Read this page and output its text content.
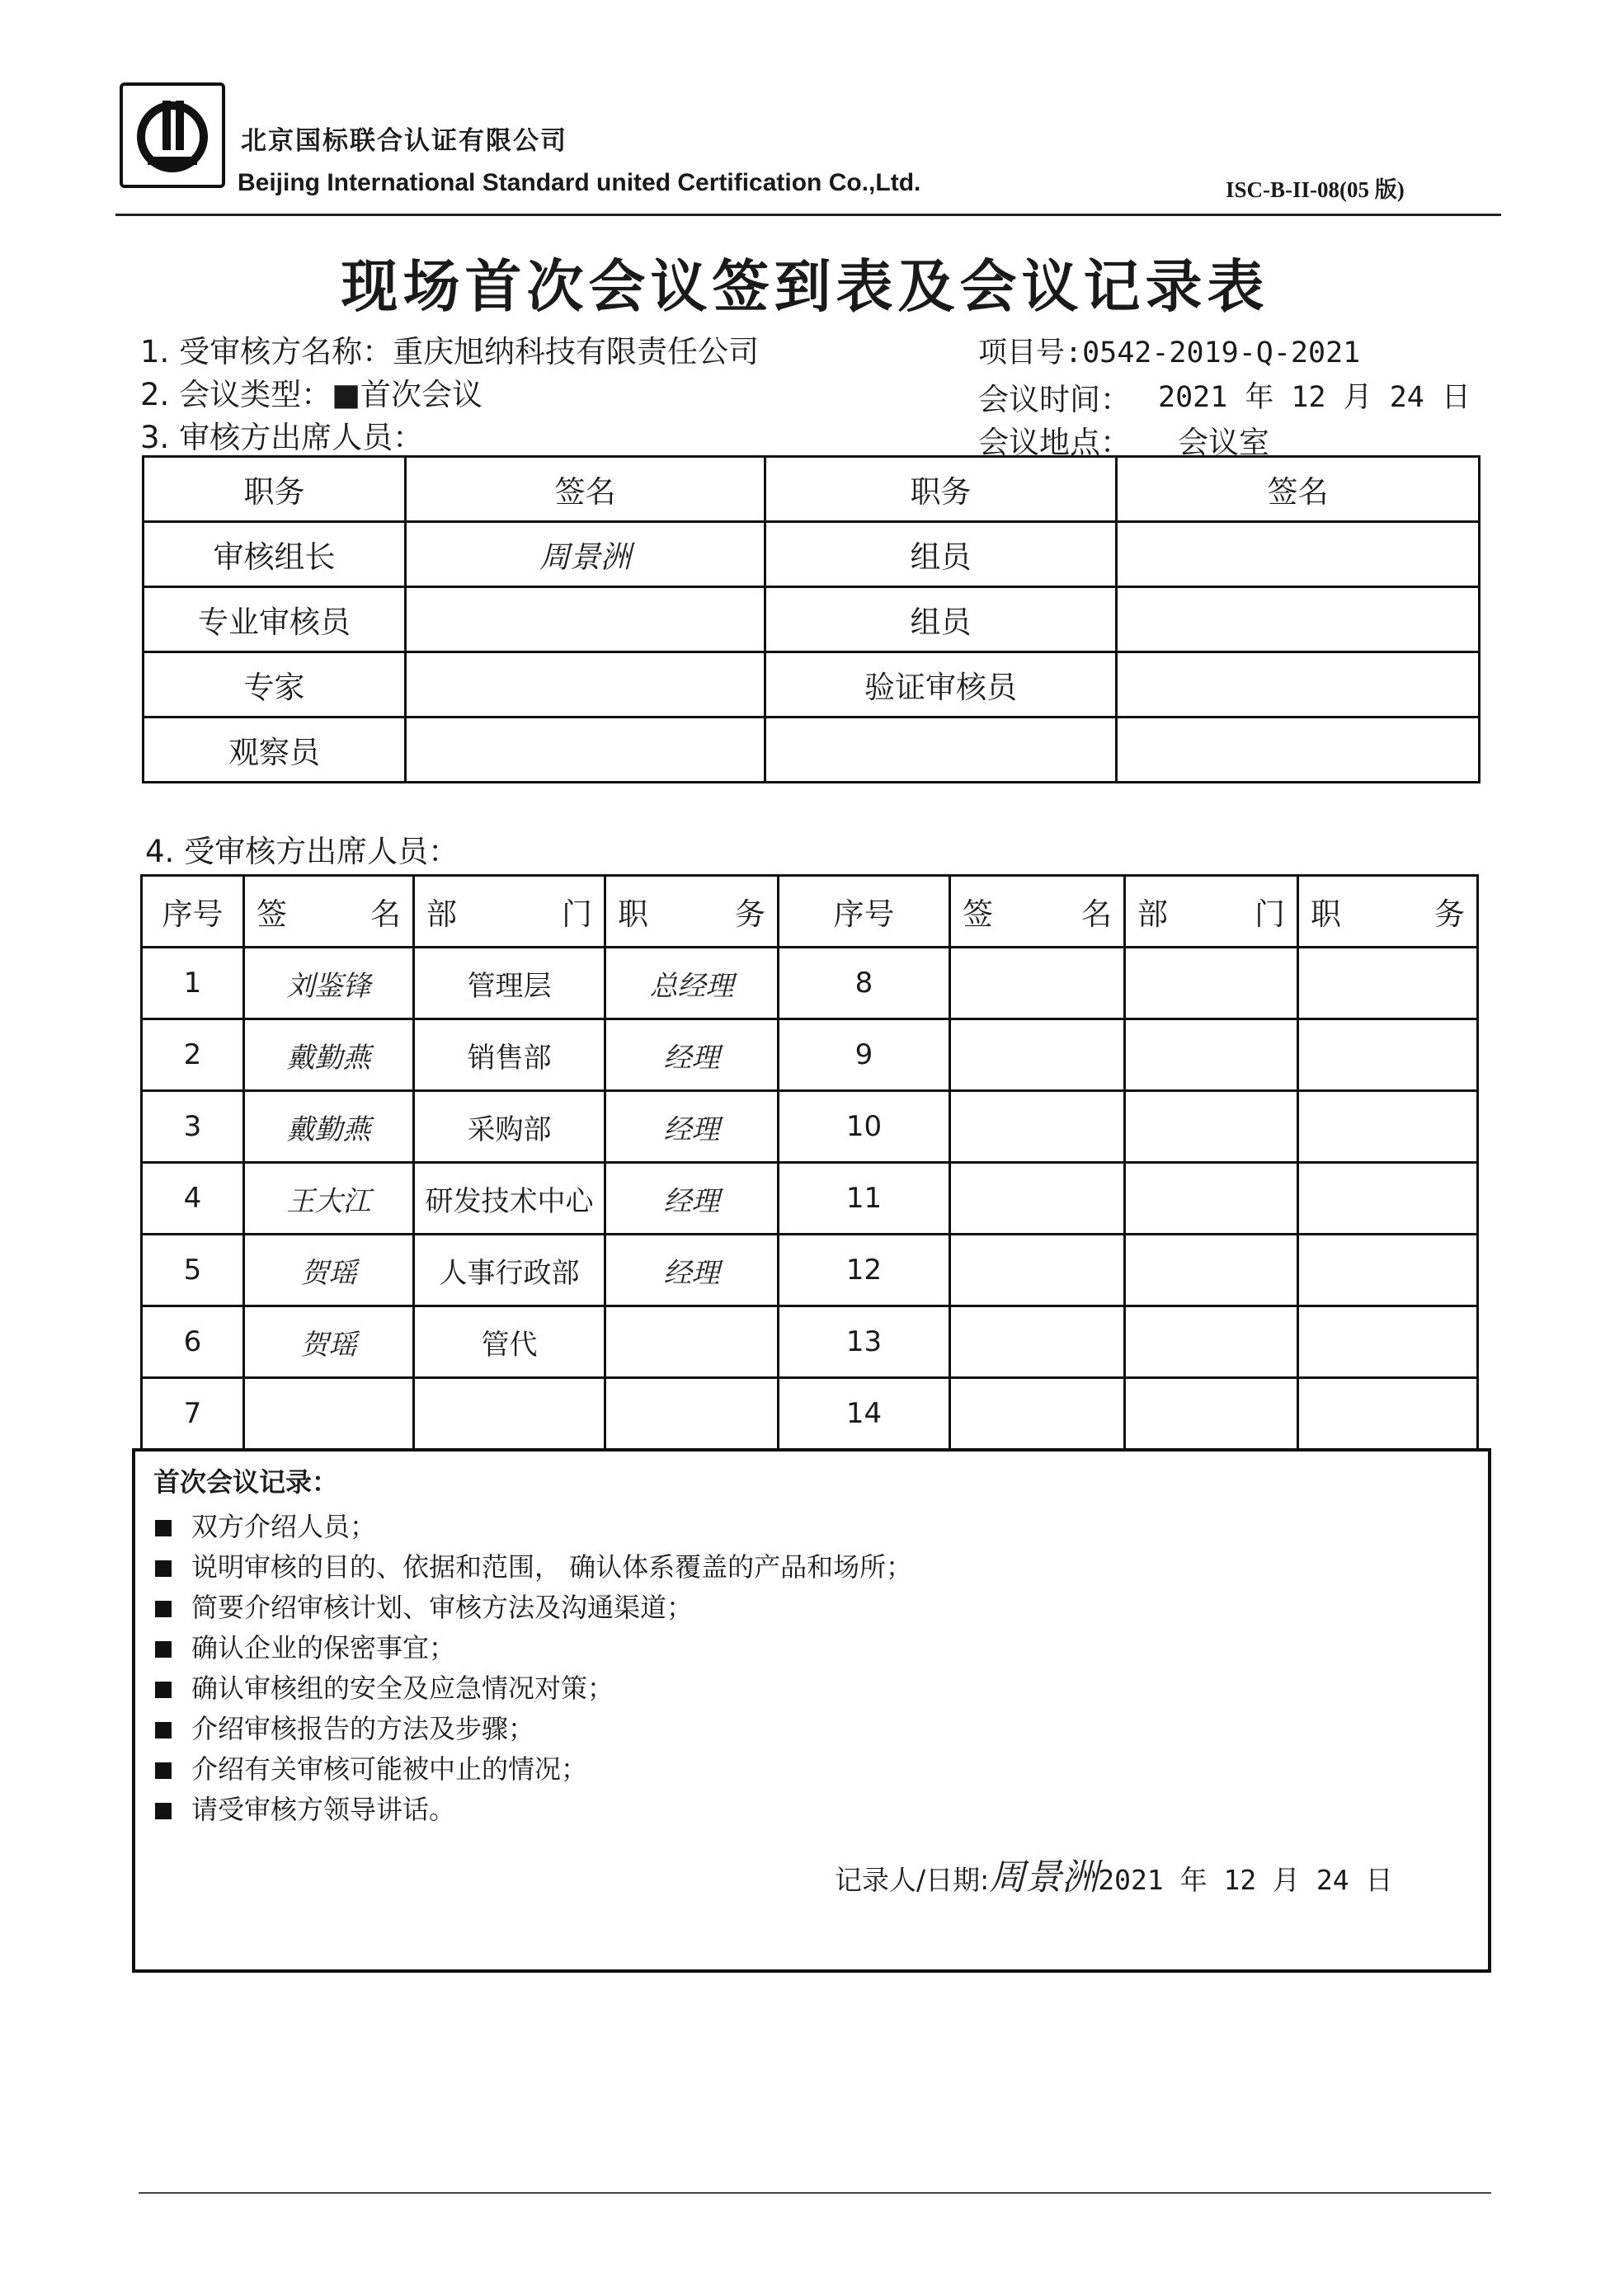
北京国标联合认证有限公司
Beijing International Standard united Certification Co.,Ltd.	ISC-B-II-08(05 版)
现场首次会议签到表及会议记录表
1. 受审核方名称：重庆旭纳科技有限责任公司
2. 会议类型：■首次会议
3. 审核方出席人员：
项目号:0542-2019-Q-2021
会议时间： 2021 年 12 月 24 日
会议地点： 会议室
职务	签名	职务	签名
审核组长	周景洲	组员	
专业审核员		组员	
专家		验证审核员	
观察员			
4. 受审核方出席人员：
序号	签 名	部 门	职 务	序号	签 名	部 门	职 务

1	刘鉴锋	管理层	总经理	8			
2	戴勤燕	销售部	经理	9			
3	戴勤燕	采购部	经理	10			
4	王大江	研发技术中心	经理	11			
5	贺瑶	人事行政部	经理	12			
6	贺瑶	管代		13			
7				14			
首次会议记录：
双方介绍人员；
说明审核的目的、依据和范围， 确认体系覆盖的产品和场所；
简要介绍审核计划、审核方法及沟通渠道；
确认企业的保密事宜；
确认审核组的安全及应急情况对策；
介绍审核报告的方法及步骤；
介绍有关审核可能被中止的情况；
请受审核方领导讲话。
记录人/日期:周景洲2021 年 12 月 24 日
